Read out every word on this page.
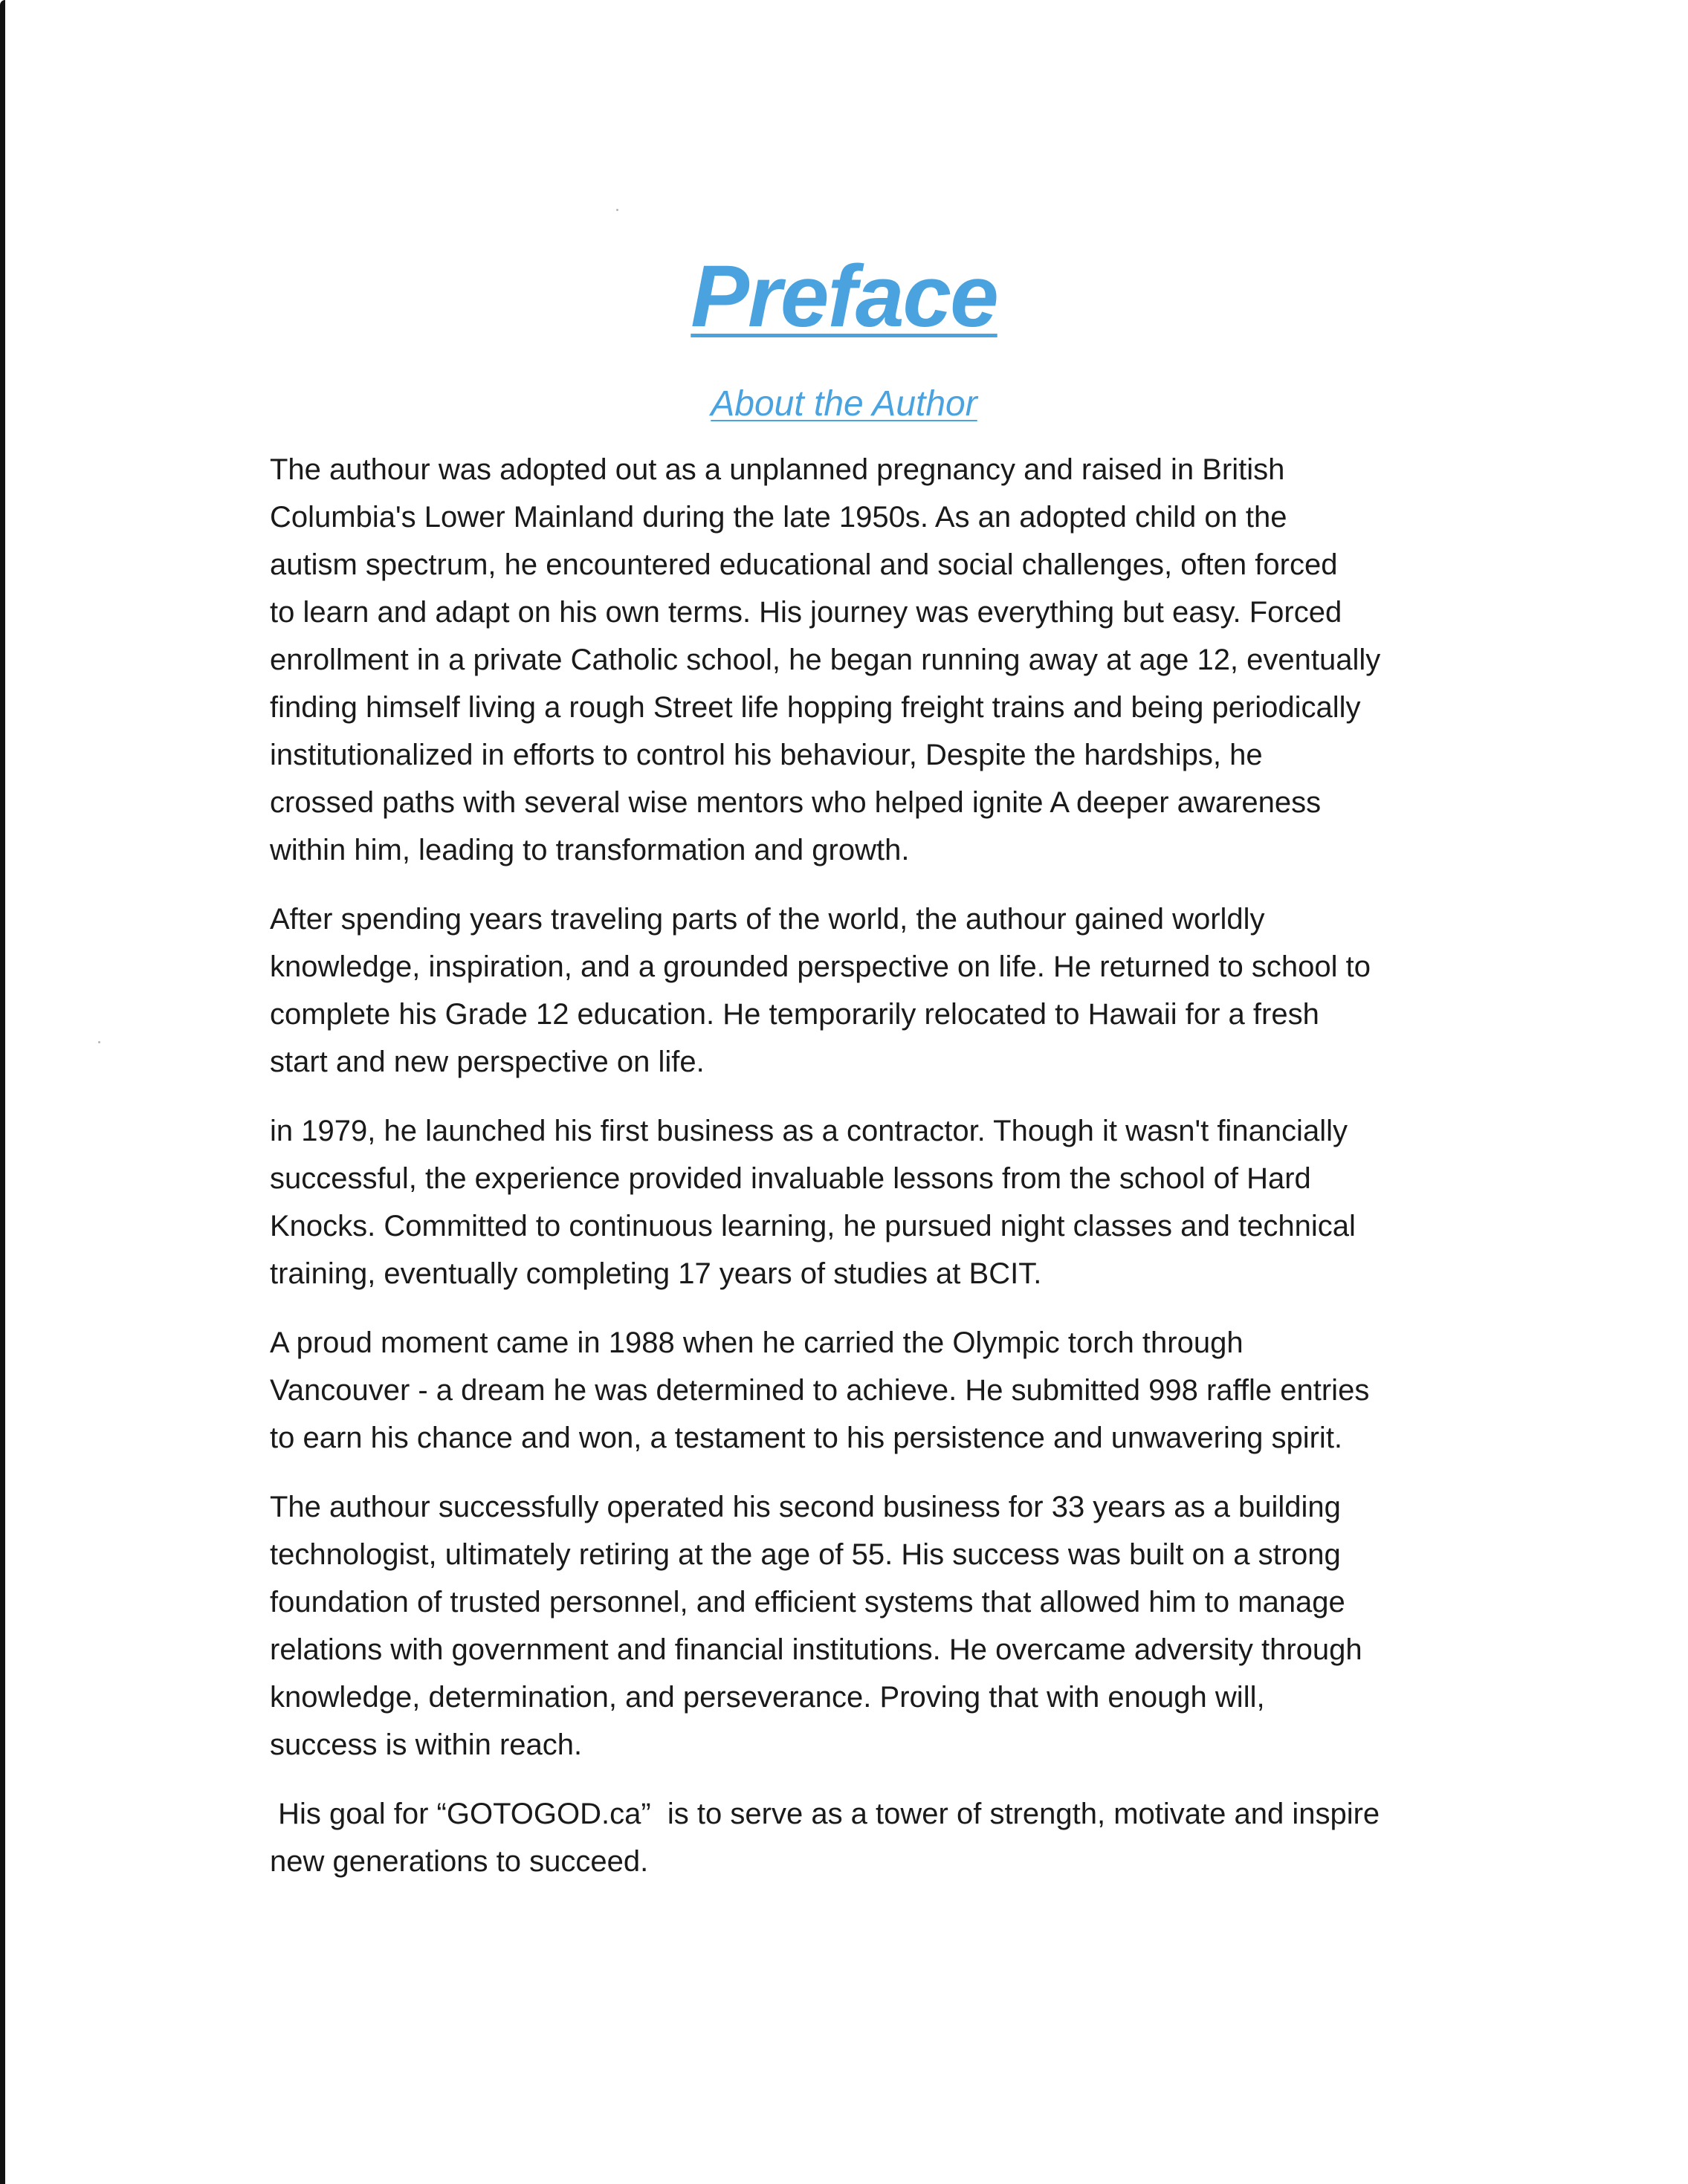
Preface
About the Author

The authour was adopted out as a unplanned pregnancy and raised in British
Columbia's Lower Mainland during the late 1950s. As an adopted child on the
autism spectrum, he encountered educational and social challenges, often forced
to learn and adapt on his own terms. His journey was everything but easy. Forced
enrollment in a private Catholic school, he began running away at age 12, eventually
finding himself living a rough Street life hopping freight trains and being periodically
institutionalized in efforts to control his behaviour, Despite the hardships, he
crossed paths with several wise mentors who helped ignite A deeper awareness
within him, leading to transformation and growth.

After spending years traveling parts of the world, the authour gained worldly
knowledge, inspiration, and a grounded perspective on life. He returned to school to
complete his Grade 12 education. He temporarily relocated to Hawaii for a fresh
start and new perspective on life.

in 1979, he launched his first business as a contractor. Though it wasn't financially
successful, the experience provided invaluable lessons from the school of Hard
Knocks. Committed to continuous learning, he pursued night classes and technical
training, eventually completing 17 years of studies at BCIT.

A proud moment came in 1988 when he carried the Olympic torch through
Vancouver - a dream he was determined to achieve. He submitted 998 raffle entries
to earn his chance and won, a testament to his persistence and unwavering spirit.

The authour successfully operated his second business for 33 years as a building
technologist, ultimately retiring at the age of 55. His success was built on a strong
foundation of trusted personnel, and efficient systems that allowed him to manage
relations with government and financial institutions. He overcame adversity through
knowledge, determination, and perseverance. Proving that with enough will,
success is within reach.

His goal for “GOTOGOD.ca”  is to serve as a tower of strength, motivate and inspire
new generations to succeed.
